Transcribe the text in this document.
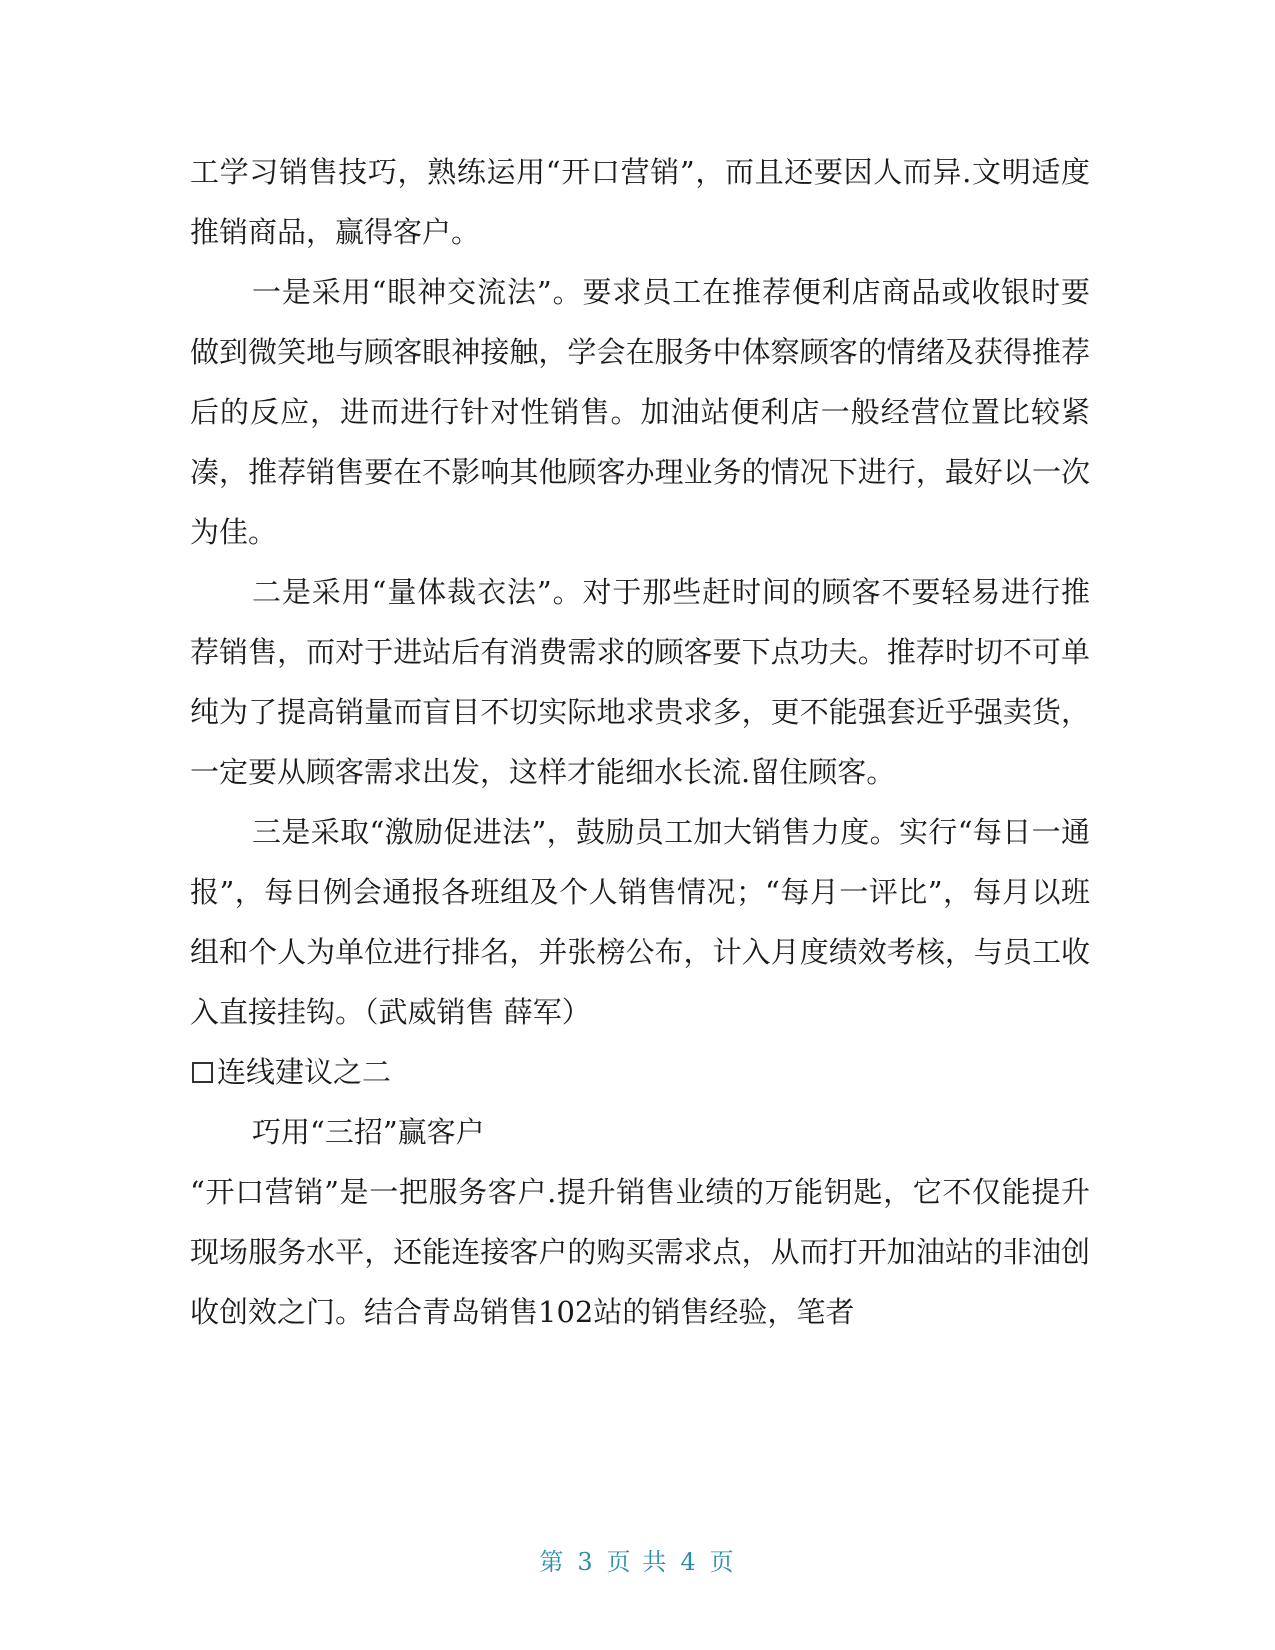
工学习销售技巧，熟练运用“开口营销”，而且还要因人而异.文明适度推销商品，赢得客户。

一是采用“眼神交流法”。要求员工在推荐便利店商品或收银时要做到微笑地与顾客眼神接触，学会在服务中体察顾客的情绪及获得推荐后的反应，进而进行针对性销售。加油站便利店一般经营位置比较紧凑，推荐销售要在不影响其他顾客办理业务的情况下进行，最好以一次为佳。

二是采用“量体裁衣法”。对于那些赶时间的顾客不要轻易进行推荐销售，而对于进站后有消费需求的顾客要下点功夫。推荐时切不可单纯为了提高销量而盲目不切实际地求贵求多，更不能强套近乎强卖货，一定要从顾客需求出发，这样才能细水长流.留住顾客。

三是采取“激励促进法”，鼓励员工加大销售力度。实行“每日一通报”，每日例会通报各班组及个人销售情况；“每月一评比”，每月以班组和个人为单位进行排名，并张榜公布，计入月度绩效考核，与员工收入直接挂钩。（武威销售 薛军）

连线建议之二

巧用“三招”赢客户

“开口营销”是一把服务客户.提升销售业绩的万能钥匙，它不仅能提升现场服务水平，还能连接客户的购买需求点，从而打开加油站的非油创收创效之门。结合青岛销售102站的销售经验，笔者

第 3 页 共 4 页
